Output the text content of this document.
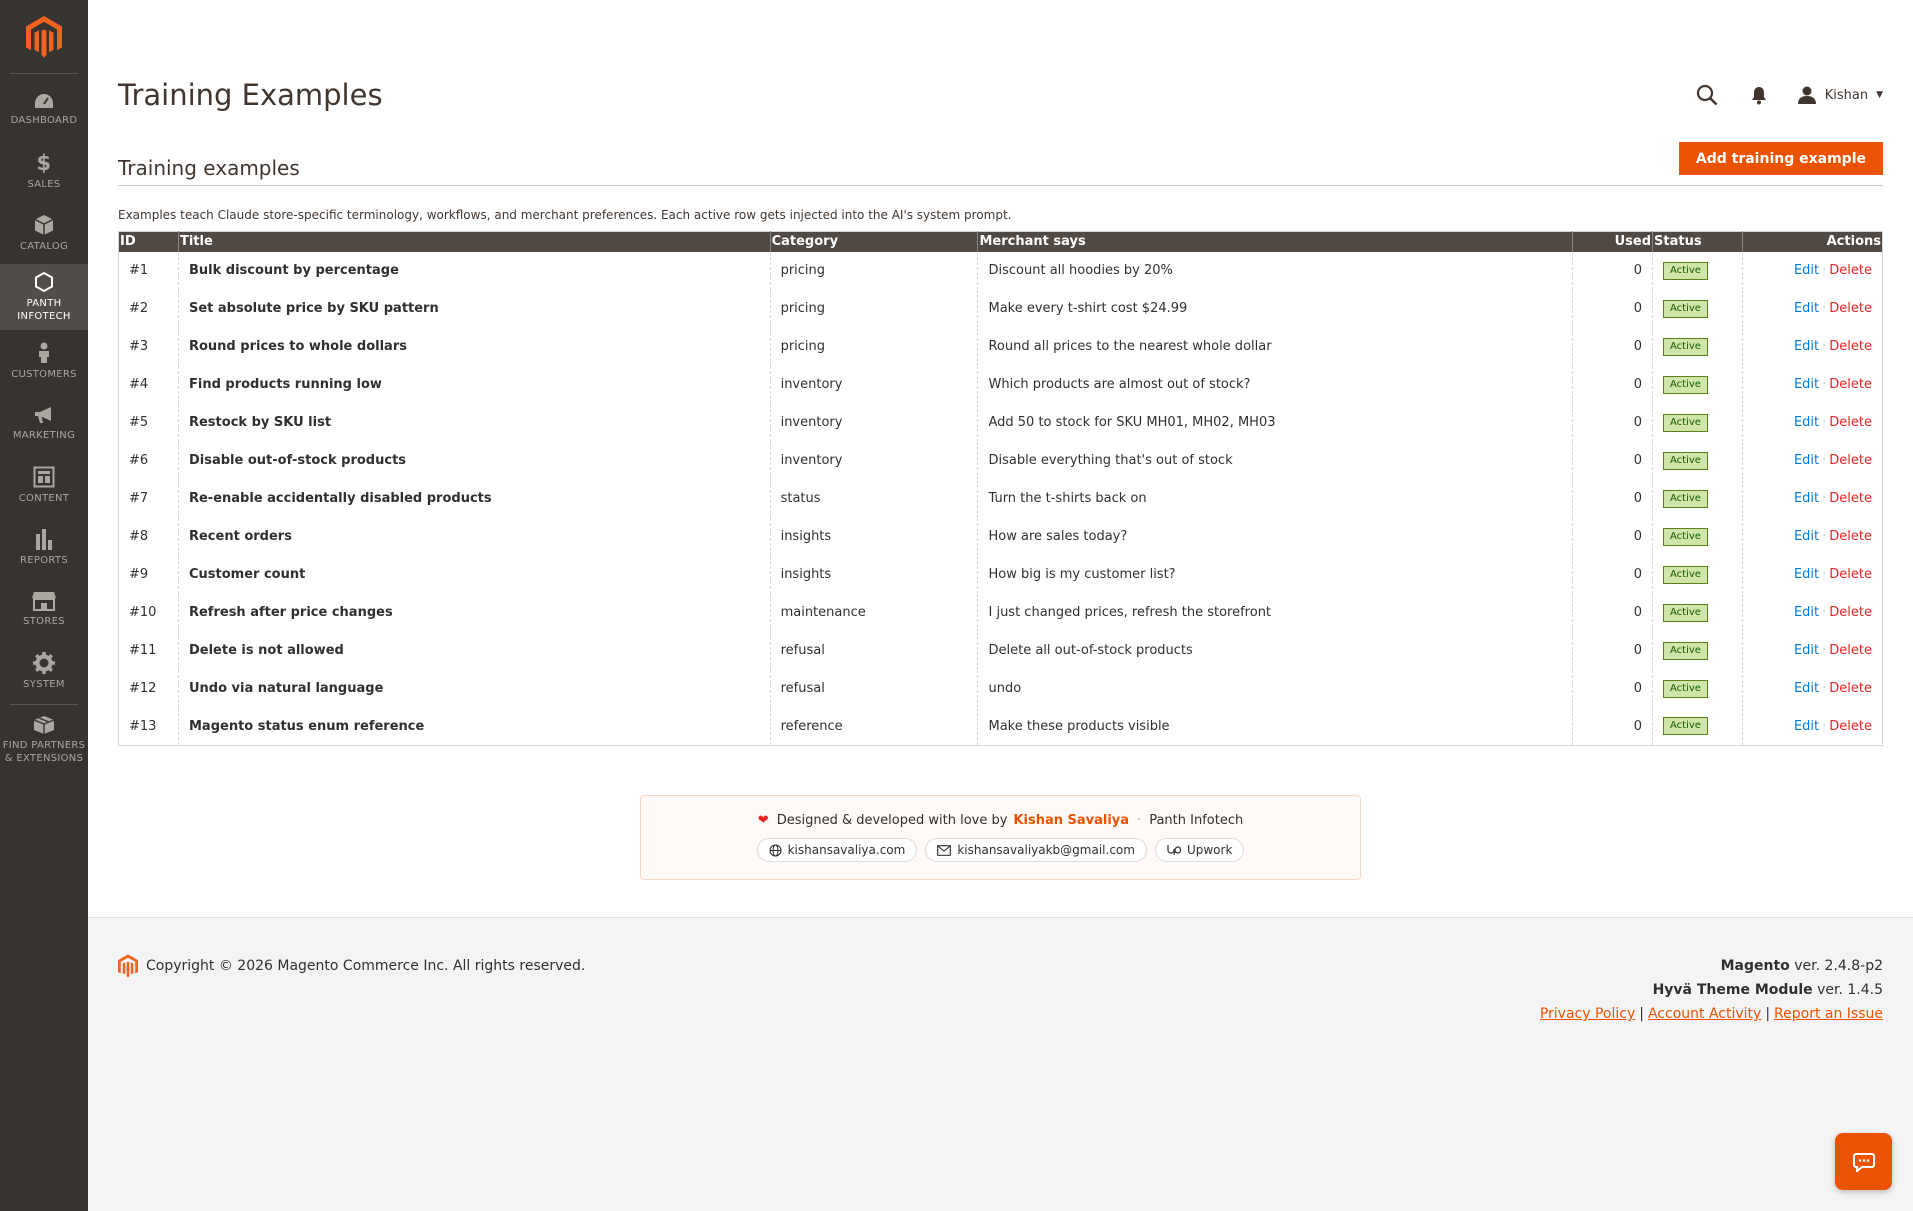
DASHBOARD
$
SALES
CATALOG
PANTH INFOTECH
CUSTOMERS
MARKETING
CONTENT
REPORTS
STORES
SYSTEM
FIND PARTNERS & EXTENSIONS
Training Examples	Kishan ▼
Training examples	Add training example
Examples teach Claude store-specific terminology, workflows, and merchant preferences. Each active row gets injected into the AI's system prompt.
ID	Title	Category	Merchant says	Used	Status	Actions
#1	Bulk discount by percentage	pricing	Discount all hoodies by 20%	0	Active	Edit · Delete
#2	Set absolute price by SKU pattern	pricing	Make every t-shirt cost $24.99	0	Active	Edit · Delete
#3	Round prices to whole dollars	pricing	Round all prices to the nearest whole dollar	0	Active	Edit · Delete
#4	Find products running low	inventory	Which products are almost out of stock?	0	Active	Edit · Delete
#5	Restock by SKU list	inventory	Add 50 to stock for SKU MH01, MH02, MH03	0	Active	Edit · Delete
#6	Disable out-of-stock products	inventory	Disable everything that's out of stock	0	Active	Edit · Delete
#7	Re-enable accidentally disabled products	status	Turn the t-shirts back on	0	Active	Edit · Delete
#8	Recent orders	insights	How are sales today?	0	Active	Edit · Delete
#9	Customer count	insights	How big is my customer list?	0	Active	Edit · Delete
#10	Refresh after price changes	maintenance	I just changed prices, refresh the storefront	0	Active	Edit · Delete
#11	Delete is not allowed	refusal	Delete all out-of-stock products	0	Active	Edit · Delete
#12	Undo via natural language	refusal	undo	0	Active	Edit · Delete
#13	Magento status enum reference	reference	Make these products visible	0	Active	Edit · Delete
❤ Designed & developed with love by Kishan Savaliya · Panth Infotech
kishansavaliya.com	kishansavaliyakb@gmail.com	Upwork
Copyright © 2026 Magento Commerce Inc. All rights reserved.	Magento ver. 2.4.8-p2
Hyvä Theme Module ver. 1.4.5
Privacy Policy | Account Activity | Report an Issue
